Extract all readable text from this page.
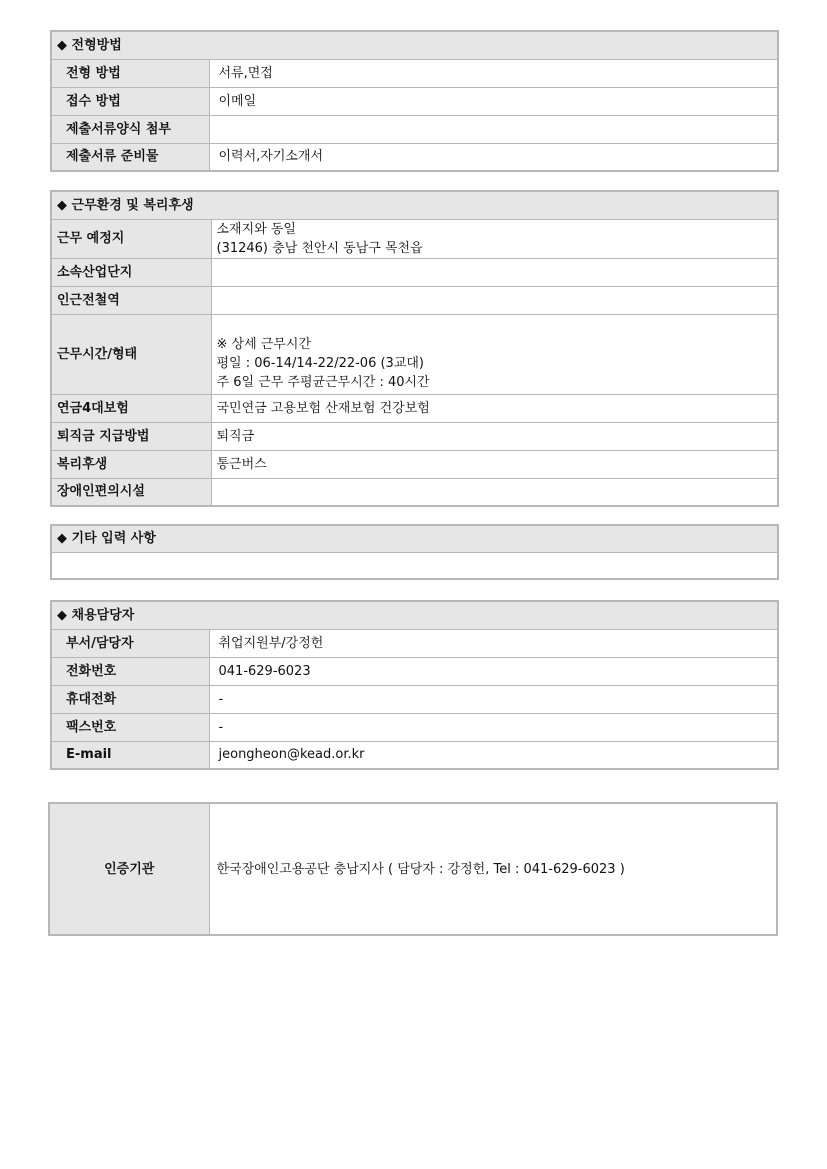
◆ 전형방법	
전형 방법	서류,면접
접수 방법	이메일
제출서류양식 첨부	
제출서류 준비물	이력서,자기소개서
◆ 근무환경 및 복리후생	
근무 예정지	소재지와 동일
(31246) 충남 천안시 동남구 목천읍

소속산업단지	
인근전철역	
근무시간/형태	※ 상세 근무시간
평일 : 06-14/14-22/22-06 (3교대)
주 6일 근무 주평균근무시간 : 40시간

연금4대보험	국민연금 고용보험 산재보험 건강보험
퇴직금 지급방법	퇴직금
복리후생	통근버스
장애인편의시설	
◆ 기타 입력 사항

◆ 채용담당자	
부서/담당자	취업지원부/강정헌
전화번호	041-629-6023
휴대전화	-
팩스번호	-
E-mail	jeongheon@kead.or.kr
인증기관	한국장애인고용공단 충남지사 ( 담당자 : 강정헌, Tel : 041-629-6023 )
